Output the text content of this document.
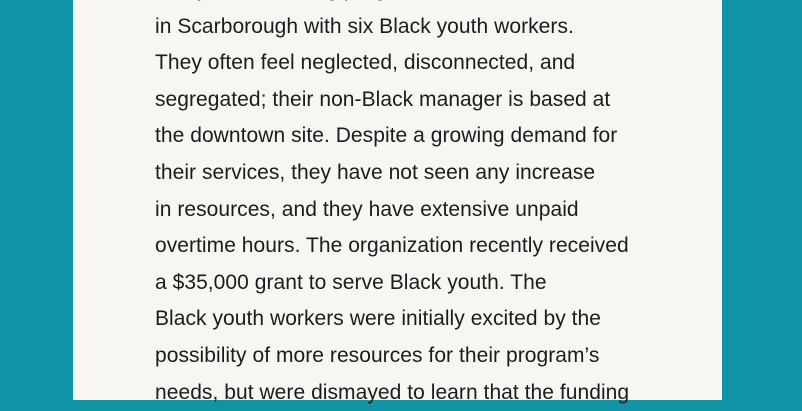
in Scarborough with six Black youth workers.
They often feel neglected, disconnected, and
segregated; their non-Black manager is based at
the downtown site. Despite a growing demand for
their services, they have not seen any increase
in resources, and they have extensive unpaid
overtime hours. The organization recently received
a $35,000 grant to serve Black youth. The
Black youth workers were initially excited by the
possibility of more resources for their program’s
needs, but were dismayed to learn that the funding
